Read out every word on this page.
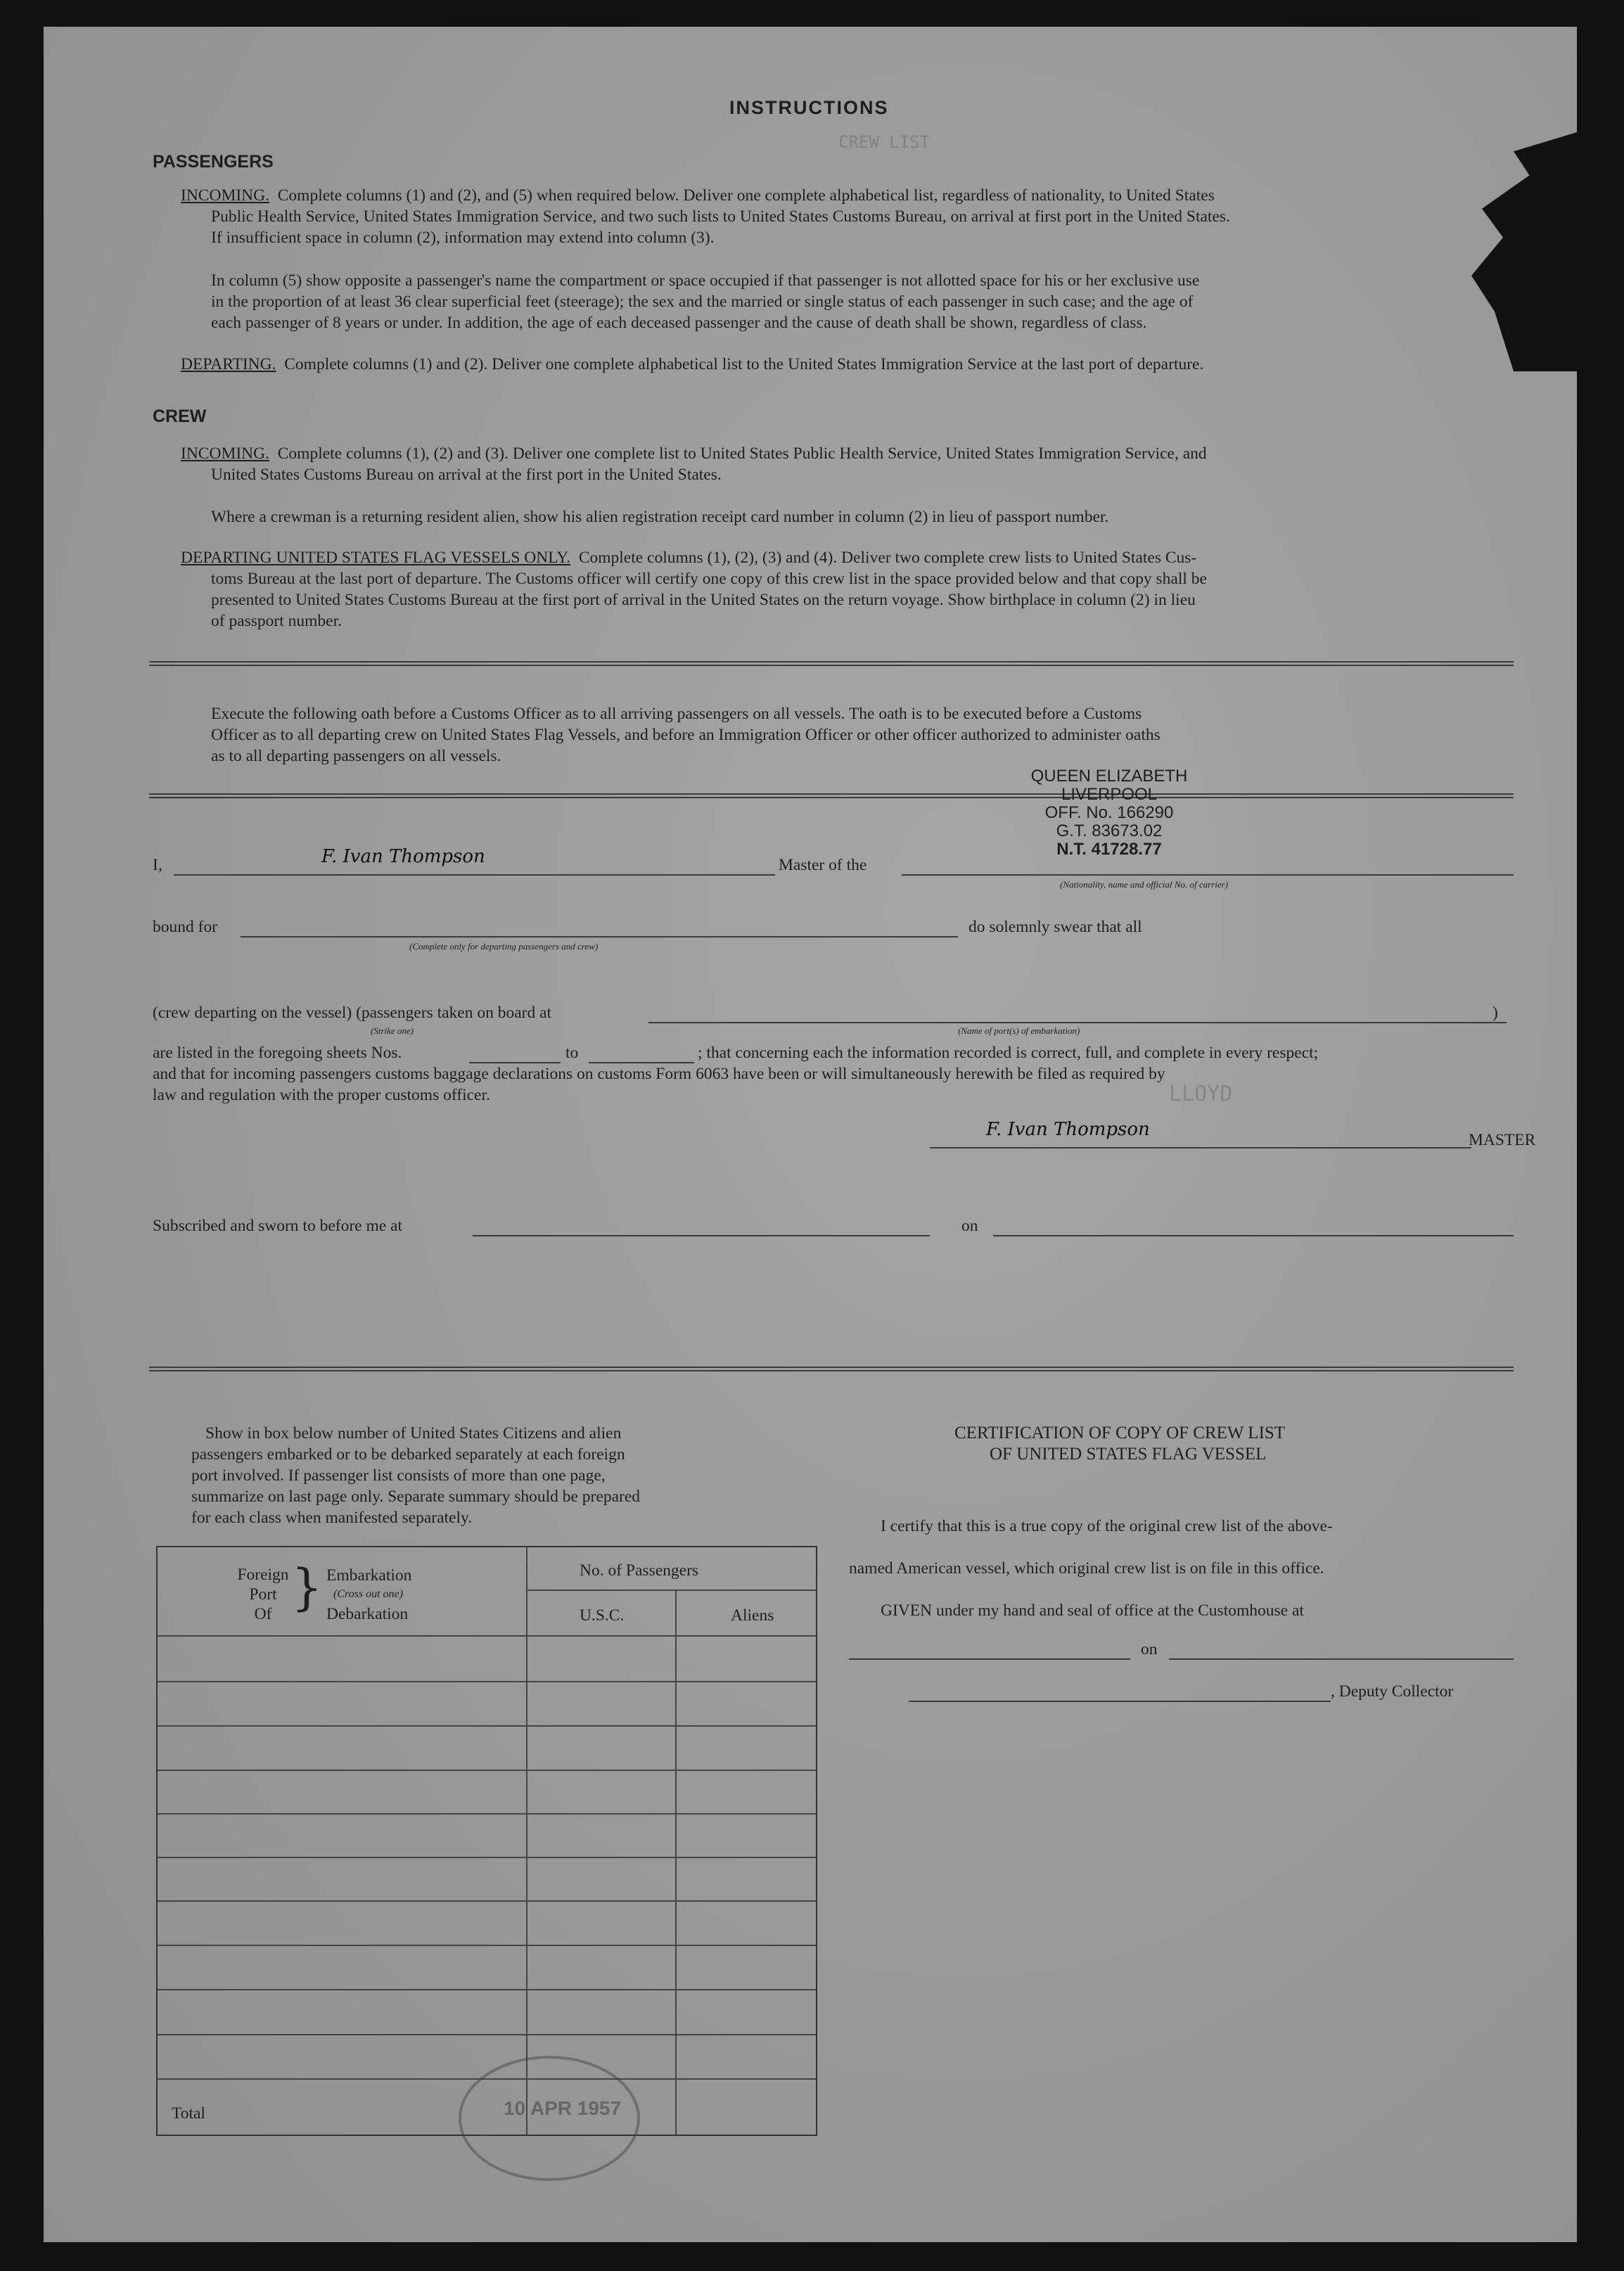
CREW LIST
LLOYD
INSTRUCTIONS
PASSENGERS
INCOMING. Complete columns (1) and (2), and (5) when required below. Deliver one complete alphabetical list, regardless of nationality, to United States
Public Health Service, United States Immigration Service, and two such lists to United States Customs Bureau, on arrival at first port in the United States.
If insufficient space in column (2), information may extend into column (3).
In column (5) show opposite a passenger's name the compartment or space occupied if that passenger is not allotted space for his or her exclusive use
in the proportion of at least 36 clear superficial feet (steerage); the sex and the married or single status of each passenger in such case; and the age of
each passenger of 8 years or under. In addition, the age of each deceased passenger and the cause of death shall be shown, regardless of class.
DEPARTING. Complete columns (1) and (2). Deliver one complete alphabetical list to the United States Immigration Service at the last port of departure.
CREW
INCOMING. Complete columns (1), (2) and (3). Deliver one complete list to United States Public Health Service, United States Immigration Service, and
United States Customs Bureau on arrival at the first port in the United States.
Where a crewman is a returning resident alien, show his alien registration receipt card number in column (2) in lieu of passport number.
DEPARTING UNITED STATES FLAG VESSELS ONLY. Complete columns (1), (2), (3) and (4). Deliver two complete crew lists to United States Cus-
toms Bureau at the last port of departure. The Customs officer will certify one copy of this crew list in the space provided below and that copy shall be
presented to United States Customs Bureau at the first port of arrival in the United States on the return voyage. Show birthplace in column (2) in lieu
of passport number.
Execute the following oath before a Customs Officer as to all arriving passengers on all vessels. The oath is to be executed before a Customs
Officer as to all departing crew on United States Flag Vessels, and before an Immigration Officer or other officer authorized to administer oaths
as to all departing passengers on all vessels.
QUEEN ELIZABETH
LIVERPOOL
OFF. No. 166290
G.T. 83673.02
N.T. 41728.77
I,	F. Ivan Thompson	Master of the
(Nationality, name and official No. of carrier)
bound for
(Complete only for departing passengers and crew)
do solemnly swear that all
(crew departing on the vessel) (passengers taken on board at
(Strike one)	(Name of port(s) of embarkation)
)
are listed in the foregoing sheets Nos.	to	; that concerning each the information recorded is correct, full, and complete in every respect;
and that for incoming passengers customs baggage declarations on customs Form 6063 have been or will simultaneously herewith be filed as required by
law and regulation with the proper customs officer.
F. Ivan Thompson	MASTER
Subscribed and sworn to before me at	on
Show in box below number of United States Citizens and alien
passengers embarked or to be debarked separately at each foreign
port involved. If passenger list consists of more than one page,
summarize on last page only. Separate summary should be prepared
for each class when manifested separately.
Foreign
Port
Of } Embarkation
(Cross out one)
Debarkation
No. of Passengers
U.S.C.	Aliens
Total
CERTIFICATION OF COPY OF CREW LIST
OF UNITED STATES FLAG VESSEL
I certify that this is a true copy of the original crew list of the above-
named American vessel, which original crew list is on file in this office.
GIVEN under my hand and seal of office at the Customhouse at
on
, Deputy Collector
10 APR 1957
